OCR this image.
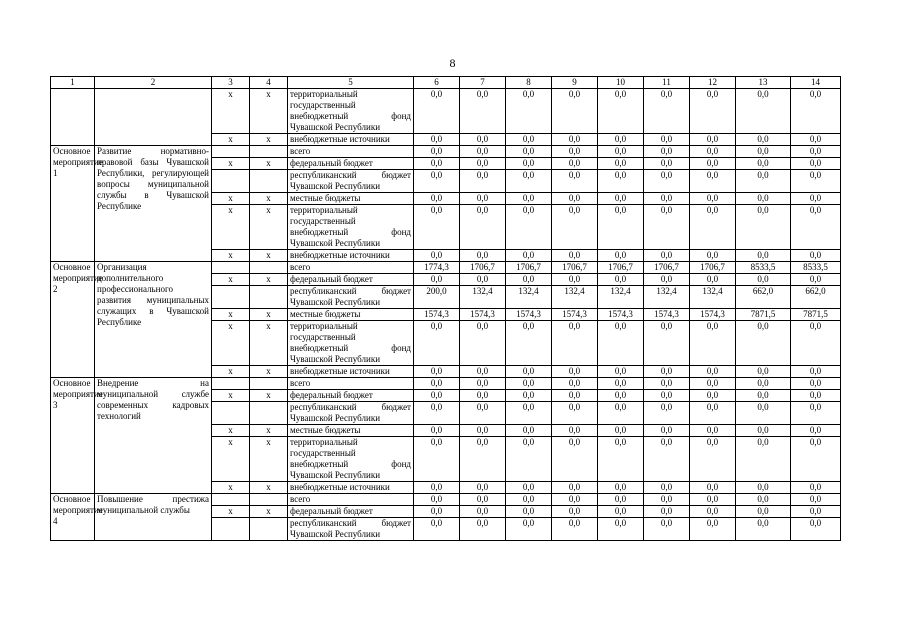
8
1	2	3	4	5	6	7	8	9	10	11	12	13	14
		x	x	территориальный государственный внебюджетный фонд Чувашской Республики	0,0	0,0	0,0	0,0	0,0	0,0	0,0	0,0	0,0
		x	x	внебюджетные источники	0,0	0,0	0,0	0,0	0,0	0,0	0,0	0,0	0,0
Основное мероприятие 1	Развитие нормативно-правовой базы Чувашской Республики, регулирующей вопросы муниципальной службы в Чувашской Республике			всего	0,0	0,0	0,0	0,0	0,0	0,0	0,0	0,0	0,0
		x	x	федеральный бюджет	0,0	0,0	0,0	0,0	0,0	0,0	0,0	0,0	0,0
				республиканский бюджет Чувашской Республики	0,0	0,0	0,0	0,0	0,0	0,0	0,0	0,0	0,0
		x	x	местные бюджеты	0,0	0,0	0,0	0,0	0,0	0,0	0,0	0,0	0,0
		x	x	территориальный государственный внебюджетный фонд Чувашской Республики	0,0	0,0	0,0	0,0	0,0	0,0	0,0	0,0	0,0
		x	x	внебюджетные источники	0,0	0,0	0,0	0,0	0,0	0,0	0,0	0,0	0,0
Основное мероприятие 2	Организация дополнительного профессионального развития муниципальных служащих в Чувашской Республике			всего	1774,3	1706,7	1706,7	1706,7	1706,7	1706,7	1706,7	8533,5	8533,5
		x	x	федеральный бюджет	0,0	0,0	0,0	0,0	0,0	0,0	0,0	0,0	0,0
				республиканский бюджет Чувашской Республики	200,0	132,4	132,4	132,4	132,4	132,4	132,4	662,0	662,0
		x	x	местные бюджеты	1574,3	1574,3	1574,3	1574,3	1574,3	1574,3	1574,3	7871,5	7871,5
		x	x	территориальный государственный внебюджетный фонд Чувашской Республики	0,0	0,0	0,0	0,0	0,0	0,0	0,0	0,0	0,0
		x	x	внебюджетные источники	0,0	0,0	0,0	0,0	0,0	0,0	0,0	0,0	0,0
Основное мероприятие 3	Внедрение на муниципальной службе современных кадровых технологий			всего	0,0	0,0	0,0	0,0	0,0	0,0	0,0	0,0	0,0
		x	x	федеральный бюджет	0,0	0,0	0,0	0,0	0,0	0,0	0,0	0,0	0,0
				республиканский бюджет Чувашской Республики	0,0	0,0	0,0	0,0	0,0	0,0	0,0	0,0	0,0
		x	x	местные бюджеты	0,0	0,0	0,0	0,0	0,0	0,0	0,0	0,0	0,0
		x	x	территориальный государственный внебюджетный фонд Чувашской Республики	0,0	0,0	0,0	0,0	0,0	0,0	0,0	0,0	0,0
		x	x	внебюджетные источники	0,0	0,0	0,0	0,0	0,0	0,0	0,0	0,0	0,0
Основное мероприятие 4	Повышение престижа муниципальной службы			всего	0,0	0,0	0,0	0,0	0,0	0,0	0,0	0,0	0,0
		x	x	федеральный бюджет	0,0	0,0	0,0	0,0	0,0	0,0	0,0	0,0	0,0
				республиканский бюджет Чувашской Республики	0,0	0,0	0,0	0,0	0,0	0,0	0,0	0,0	0,0
